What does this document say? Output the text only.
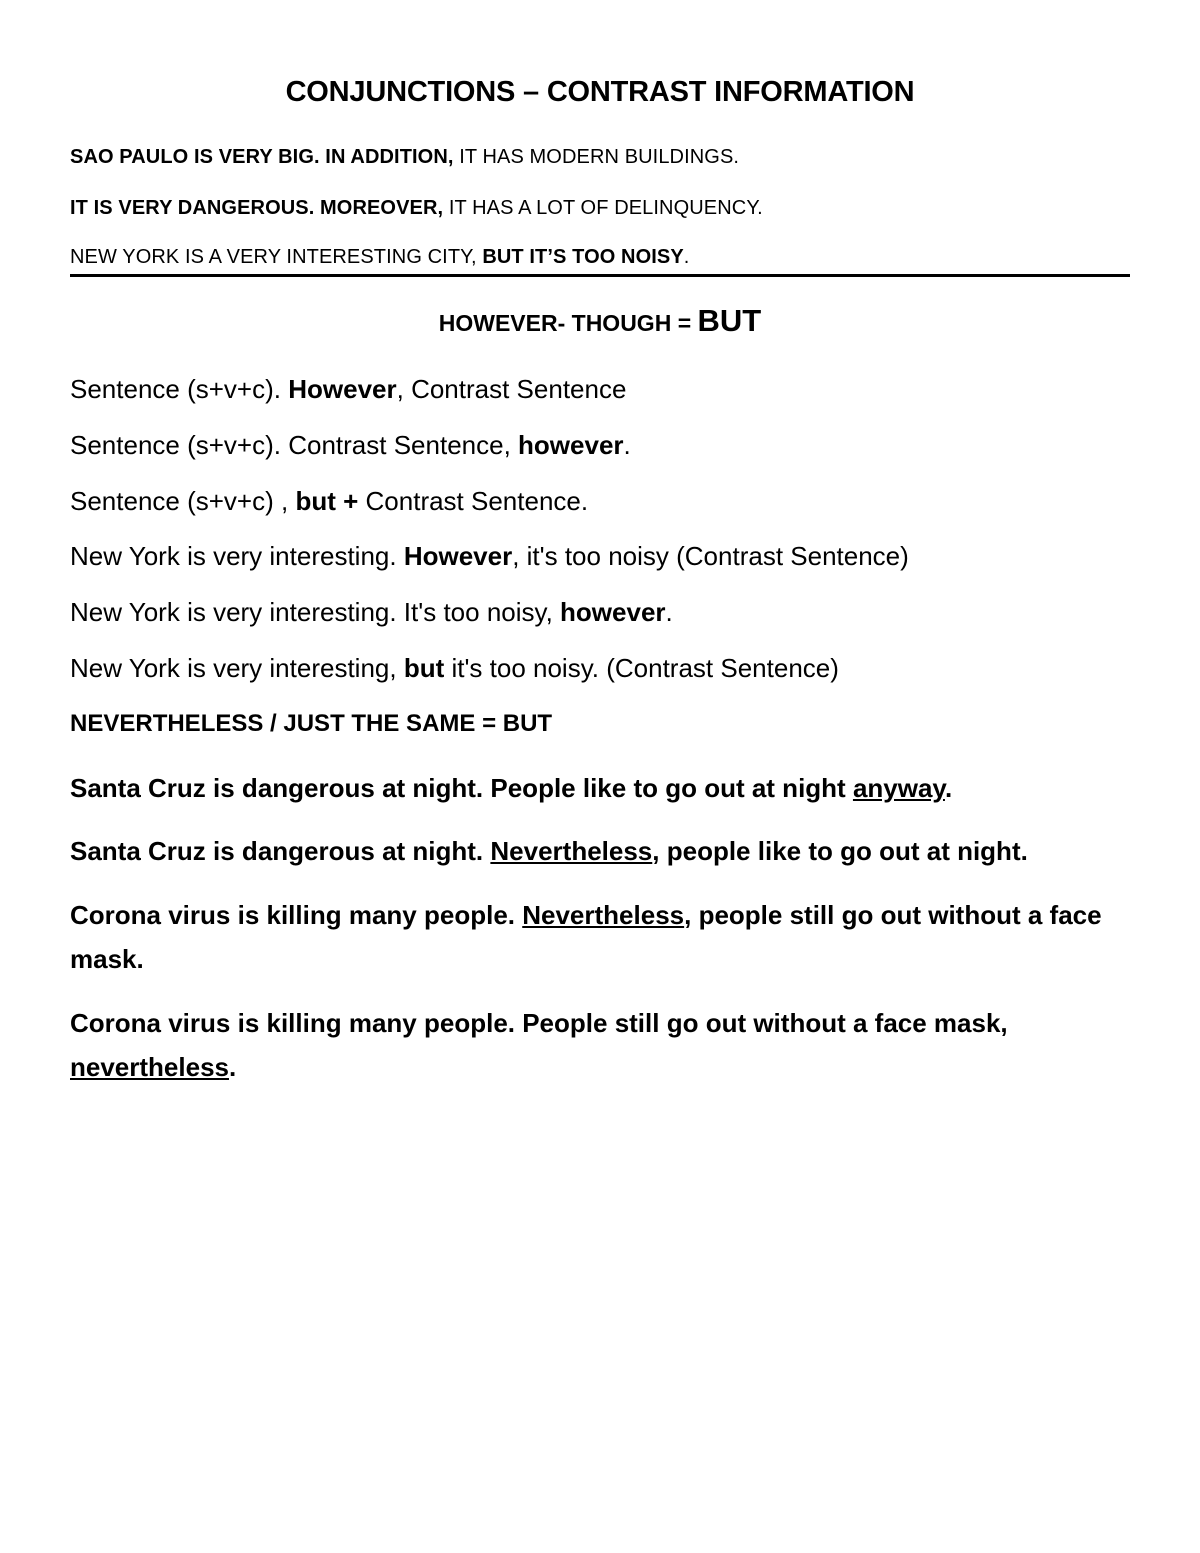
CONJUNCTIONS – CONTRAST INFORMATION
SAO PAULO IS VERY BIG. IN ADDITION, IT HAS MODERN BUILDINGS.
IT IS VERY DANGEROUS. MOREOVER, IT HAS A LOT OF DELINQUENCY.
NEW YORK IS A VERY INTERESTING CITY, BUT IT’S TOO NOISY.
HOWEVER- THOUGH = BUT
Sentence (s+v+c). However, Contrast Sentence
Sentence (s+v+c). Contrast Sentence, however.
Sentence (s+v+c) , but + Contrast Sentence.
New York is very interesting. However, it's too noisy (Contrast Sentence)
New York is very interesting. It's too noisy, however.
New York is very interesting, but it's too noisy. (Contrast Sentence)
NEVERTHELESS / JUST THE SAME = BUT
Santa Cruz is dangerous at night. People like to go out at night anyway.
Santa Cruz is dangerous at night. Nevertheless, people like to go out at night.
Corona virus is killing many people. Nevertheless, people still go out without a face mask.
Corona virus is killing many people. People still go out without a face mask, nevertheless.
